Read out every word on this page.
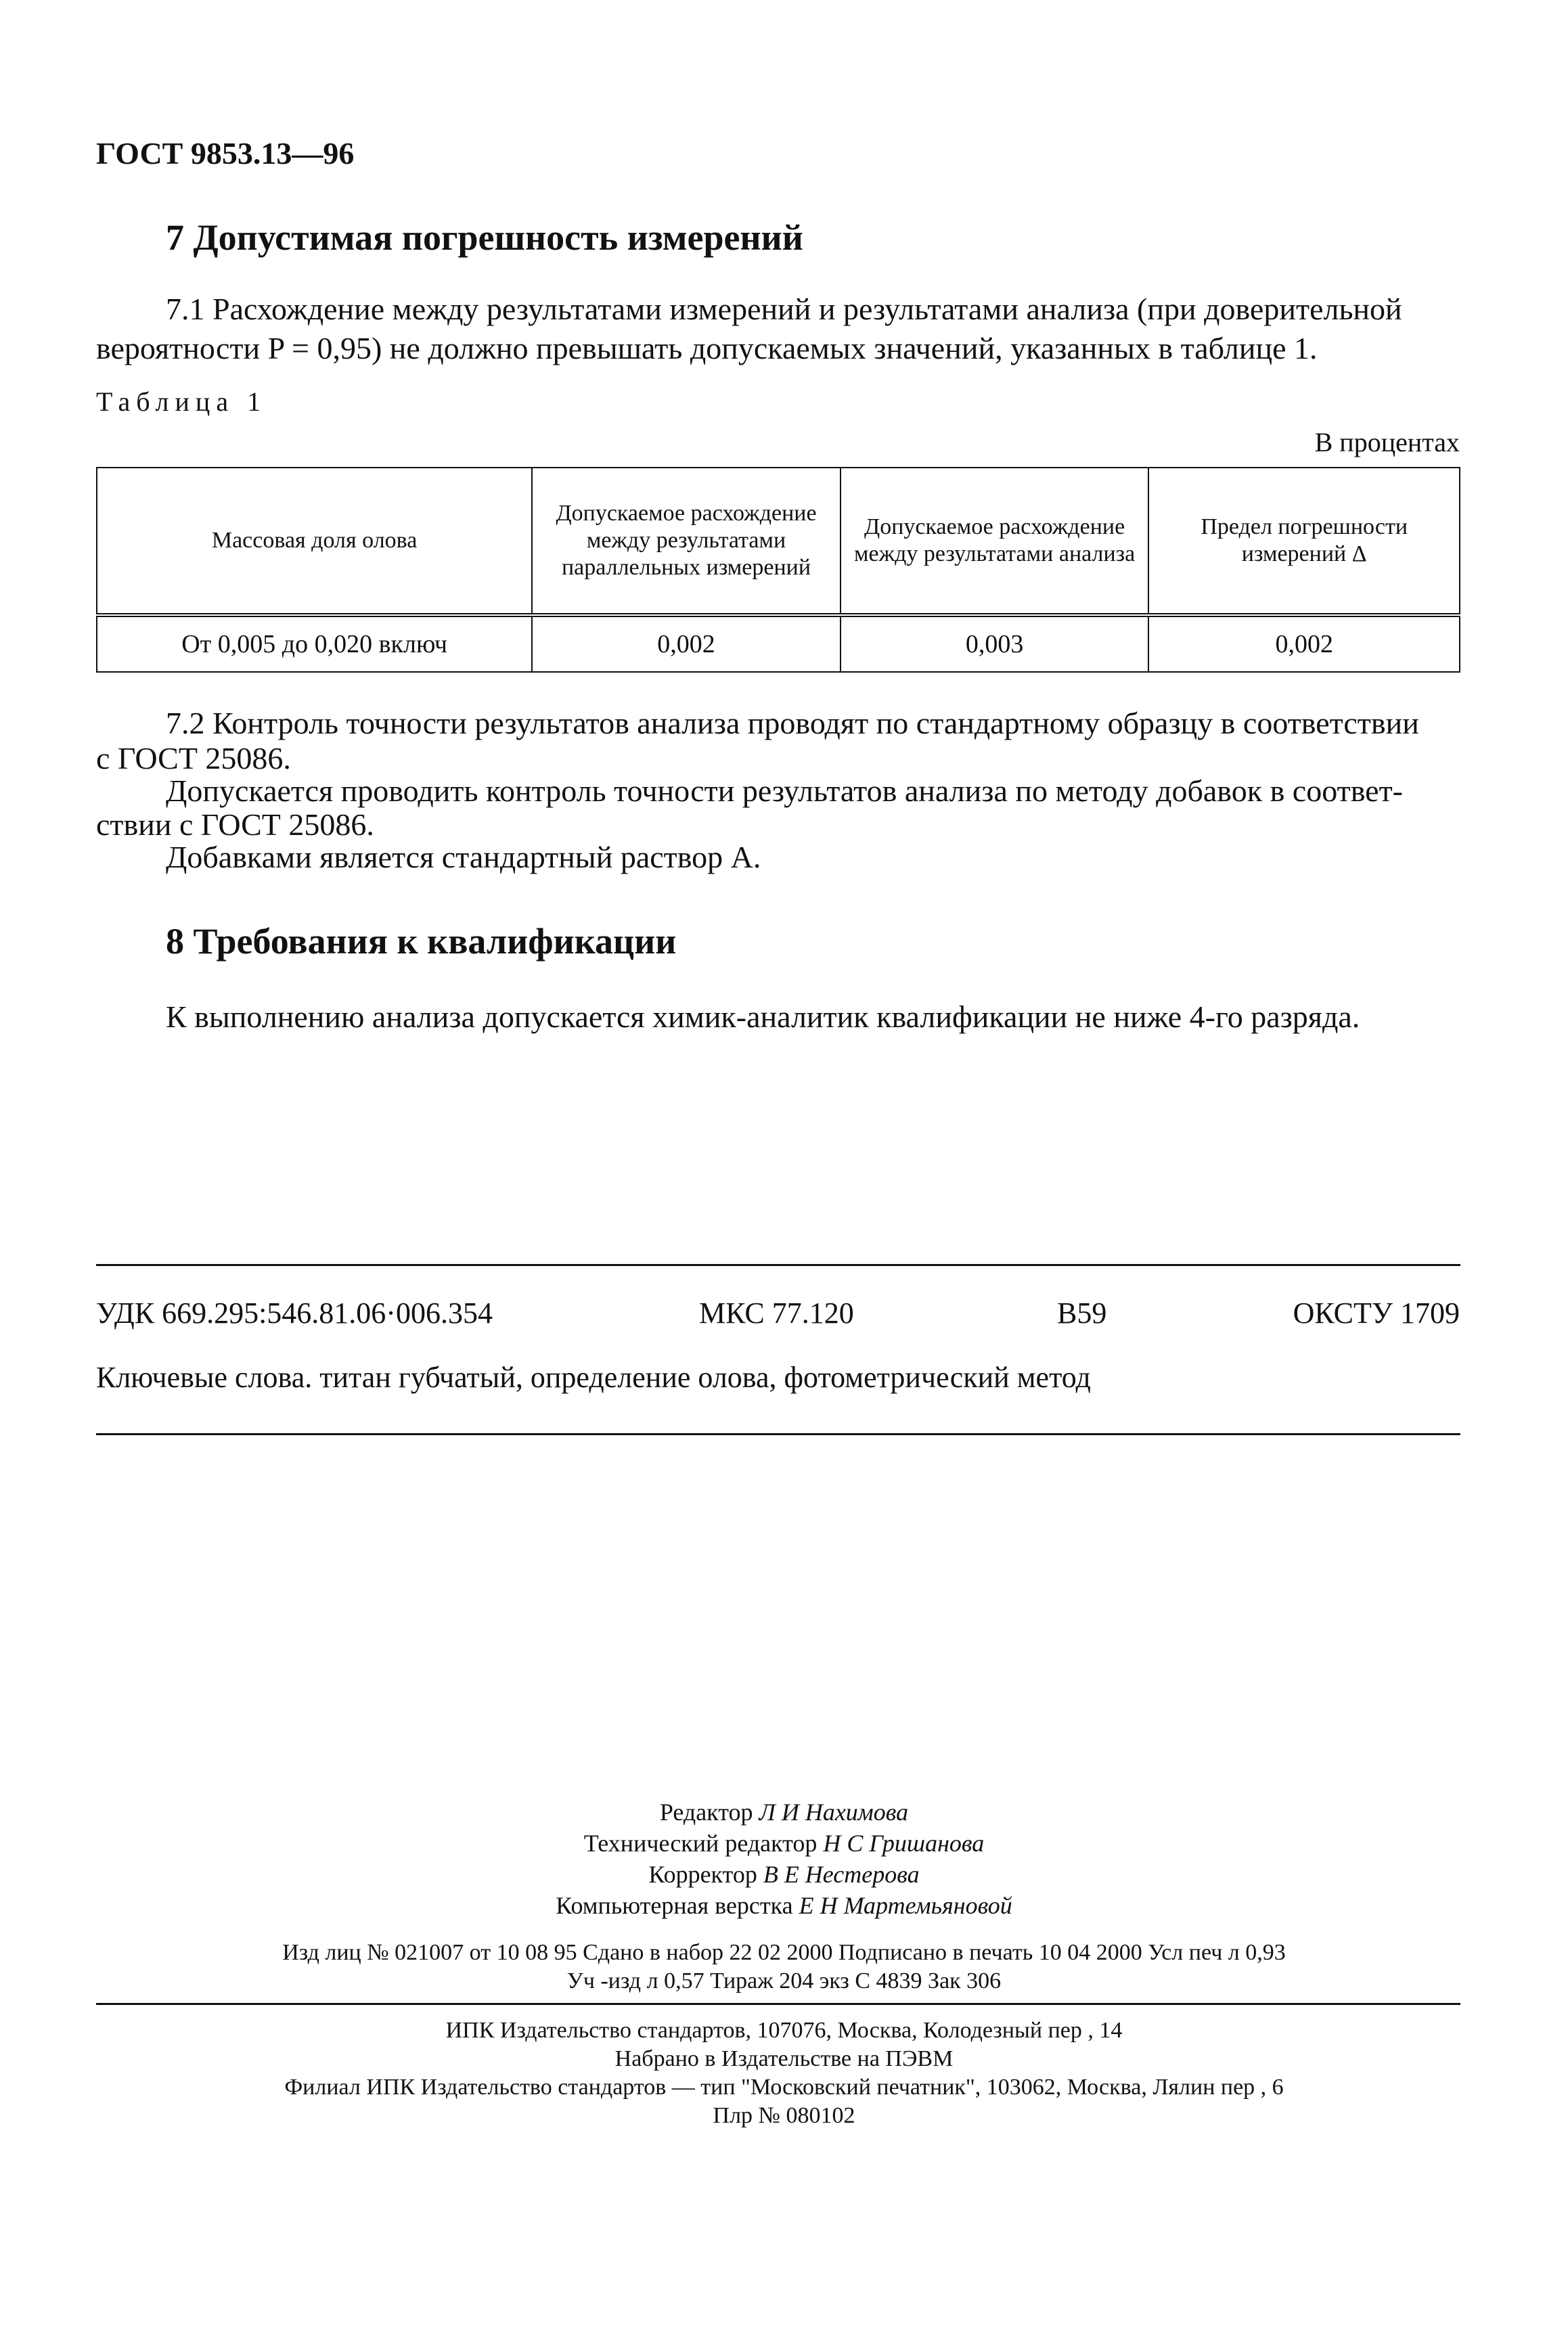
ГОСТ 9853.13—96
7 Допустимая погрешность измерений
7.1 Расхождение между результатами измерений и результатами анализа (при доверительной
вероятности P = 0,95) не должно превышать допускаемых значений, указанных в таблице 1.
Таблица 1
В процентах
Массовая доля олова	Допускаемое расхождение между результатами параллельных измерений	Допускаемое расхождение между результатами анализа	Предел погрешности измерений Δ
От 0,005 до 0,020 включ	0,002	0,003	0,002
7.2 Контроль точности результатов анализа проводят по стандартному образцу в соответствии
с ГОСТ 25086.
Допускается проводить контроль точности результатов анализа по методу добавок в соответ-
ствии с ГОСТ 25086.
Добавками является стандартный раствор А.
8 Требования к квалификации
К выполнению анализа допускается химик-аналитик квалификации не ниже 4-го разряда.
УДК 669.295:546.81.06·006.354	МКС 77.120	В59	ОКСТУ 1709
Ключевые слова. титан губчатый, определение олова, фотометрический метод
Редактор Л И Нахимова
Технический редактор Н С Гришанова
Корректор В Е Нестерова
Компьютерная верстка Е Н Мартемьяновой
Изд лиц № 021007 от 10 08 95 Сдано в набор 22 02 2000 Подписано в печать 10 04 2000 Усл печ л 0,93
Уч -изд л 0,57 Тираж 204 экз С 4839 Зак 306
ИПК Издательство стандартов, 107076, Москва, Колодезный пер , 14
Набрано в Издательстве на ПЭВМ
Филиал ИПК Издательство стандартов — тип "Московский печатник", 103062, Москва, Лялин пер , 6
Плр № 080102
